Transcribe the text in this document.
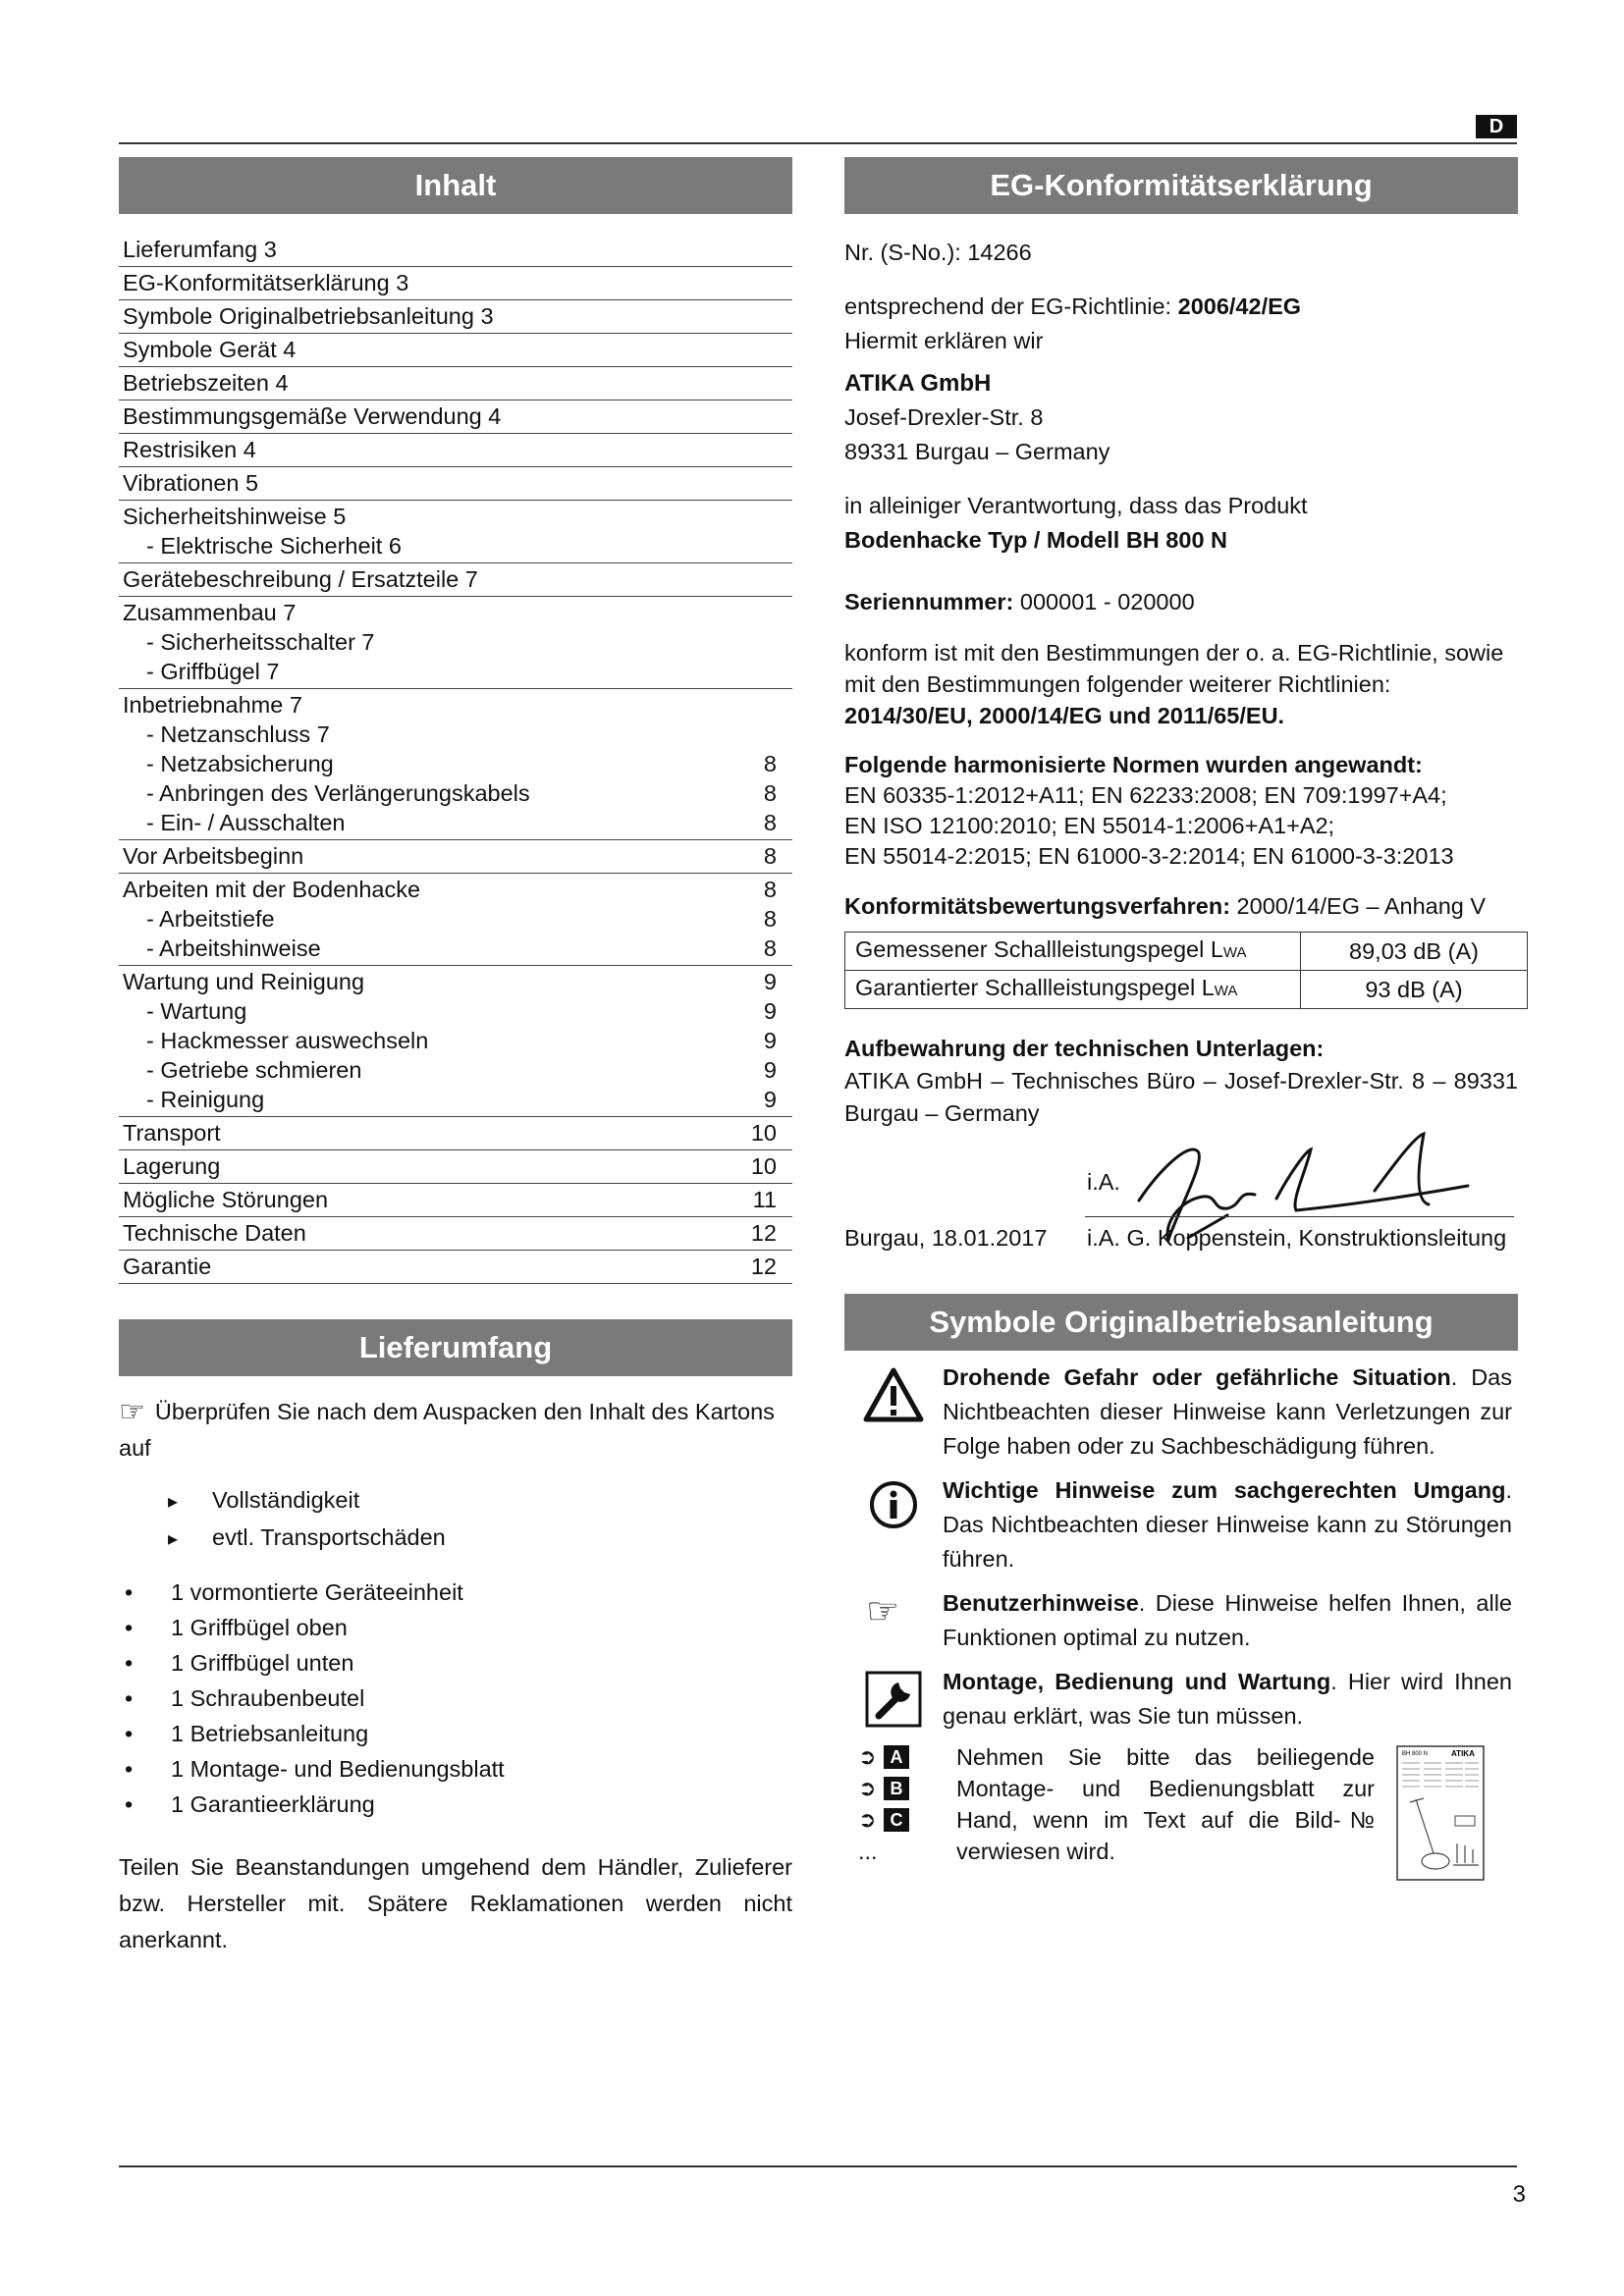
D
Inhalt
Lieferumfang 3
EG-Konformitätserklärung 3
Symbole Originalbetriebsanleitung 3
Symbole Gerät 4
Betriebszeiten 4
Bestimmungsgemäße Verwendung 4
Restrisiken 4
Vibrationen 5
Sicherheitshinweise 5
- Elektrische Sicherheit 6
Gerätebeschreibung / Ersatzteile 7
Zusammenbau 7
- Sicherheitsschalter 7
- Griffbügel 7
Inbetriebnahme 7
- Netzanschluss 7
- Netzabsicherung	8
- Anbringen des Verlängerungskabels	8
- Ein- / Ausschalten	8
Vor Arbeitsbeginn	8
Arbeiten mit der Bodenhacke	8
- Arbeitstiefe	8
- Arbeitshinweise	8
Wartung und Reinigung	9
- Wartung	9
- Hackmesser auswechseln	9
- Getriebe schmieren	9
- Reinigung	9
Transport	10
Lagerung	10
Mögliche Störungen	11
Technische Daten	12
Garantie	12
Lieferumfang
☞ Überprüfen Sie nach dem Auspacken den Inhalt des Kartons auf
▸ Vollständigkeit
▸ evtl. Transportschäden
• 1 vormontierte Geräteeinheit
• 1 Griffbügel oben
• 1 Griffbügel unten
• 1 Schraubenbeutel
• 1 Betriebsanleitung
• 1 Montage- und Bedienungsblatt
• 1 Garantieerklärung
Teilen Sie Beanstandungen umgehend dem Händler, Zulieferer bzw. Hersteller mit. Spätere Reklamationen werden nicht anerkannt.
EG-Konformitätserklärung
Nr. (S-No.): 14266
entsprechend der EG-Richtlinie: 2006/42/EG
Hiermit erklären wir
ATIKA GmbH
Josef-Drexler-Str. 8
89331 Burgau – Germany
in alleiniger Verantwortung, dass das Produkt
Bodenhacke Typ / Modell BH 800 N
Seriennummer: 000001 - 020000
konform ist mit den Bestimmungen der o. a. EG-Richtlinie, sowie mit den Bestimmungen folgender weiterer Richtlinien:
2014/30/EU, 2000/14/EG und 2011/65/EU.
Folgende harmonisierte Normen wurden angewandt:
EN 60335-1:2012+A11; EN 62233:2008; EN 709:1997+A4;
EN ISO 12100:2010; EN 55014-1:2006+A1+A2;
EN 55014-2:2015; EN 61000-3-2:2014; EN 61000-3-3:2013
Konformitätsbewertungsverfahren: 2000/14/EG – Anhang V
Gemessener Schallleistungspegel LWA	89,03 dB (A)
Garantierter Schallleistungspegel LWA	93 dB (A)
Aufbewahrung der technischen Unterlagen:
ATIKA GmbH – Technisches Büro – Josef-Drexler-Str. 8 – 89331 Burgau – Germany
i.A.
Burgau, 18.01.2017 i.A. G. Koppenstein, Konstruktionsleitung
Symbole Originalbetriebsanleitung
Drohende Gefahr oder gefährliche Situation. Das Nichtbeachten dieser Hinweise kann Verletzungen zur Folge haben oder zu Sachbeschädigung führen.
Wichtige Hinweise zum sachgerechten Umgang. Das Nichtbeachten dieser Hinweise kann zu Störungen führen.
☞ Benutzerhinweise. Diese Hinweise helfen Ihnen, alle Funktionen optimal zu nutzen.
Montage, Bedienung und Wartung. Hier wird Ihnen genau erklärt, was Sie tun müssen.
➲ A
➲ B
➲ C
...
Nehmen Sie bitte das beiliegende Montage- und Bedienungsblatt zur Hand, wenn im Text auf die Bild-№ verwiesen wird.
BH 800 N	ATIKA
3
